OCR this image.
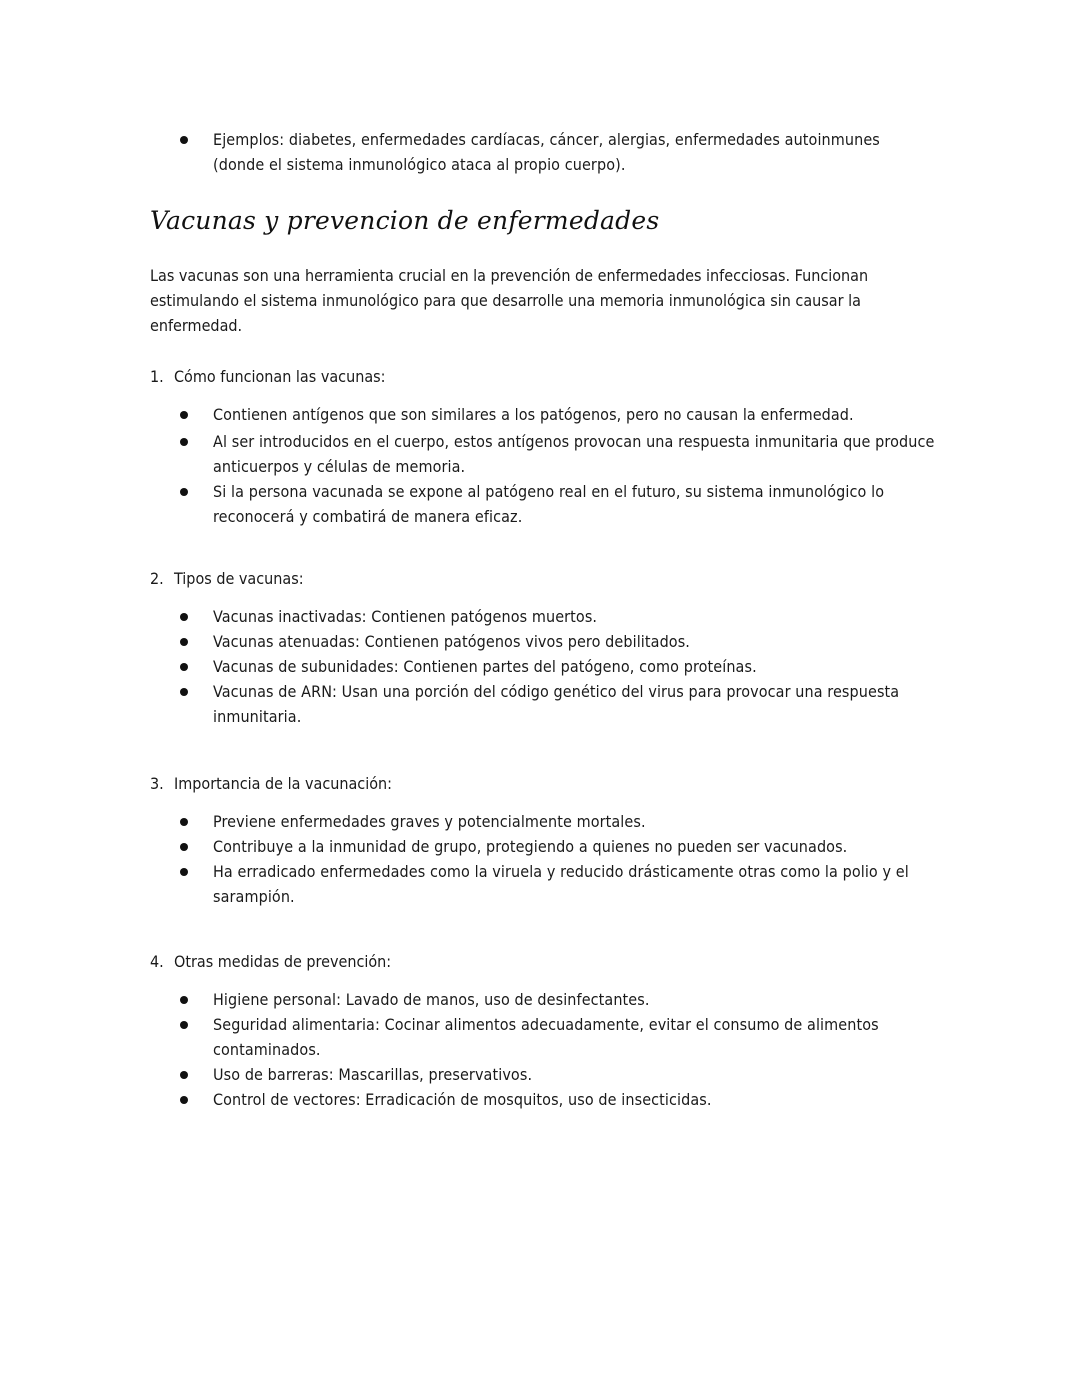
Ejemplos: diabetes, enfermedades cardíacas, cáncer, alergias, enfermedades autoinmunes (donde el sistema inmunológico ataca al propio cuerpo).
Vacunas y prevencion de enfermedades

Las vacunas son una herramienta crucial en la prevención de enfermedades infecciosas. Funcionan estimulando el sistema inmunológico para que desarrolle una memoria inmunológica sin causar la enfermedad.

1. Cómo funcionan las vacunas:

Contienen antígenos que son similares a los patógenos, pero no causan la enfermedad.
Al ser introducidos en el cuerpo, estos antígenos provocan una respuesta inmunitaria que produce anticuerpos y células de memoria.
Si la persona vacunada se expone al patógeno real en el futuro, su sistema inmunológico lo reconocerá y combatirá de manera eficaz.

2. Tipos de vacunas:

Vacunas inactivadas: Contienen patógenos muertos.
Vacunas atenuadas: Contienen patógenos vivos pero debilitados.
Vacunas de subunidades: Contienen partes del patógeno, como proteínas.
Vacunas de ARN: Usan una porción del código genético del virus para provocar una respuesta inmunitaria.

3. Importancia de la vacunación:

Previene enfermedades graves y potencialmente mortales.
Contribuye a la inmunidad de grupo, protegiendo a quienes no pueden ser vacunados.
Ha erradicado enfermedades como la viruela y reducido drásticamente otras como la polio y el sarampión.

4. Otras medidas de prevención:

Higiene personal: Lavado de manos, uso de desinfectantes.
Seguridad alimentaria: Cocinar alimentos adecuadamente, evitar el consumo de alimentos contaminados.
Uso de barreras: Mascarillas, preservativos.
Control de vectores: Erradicación de mosquitos, uso de insecticidas.
